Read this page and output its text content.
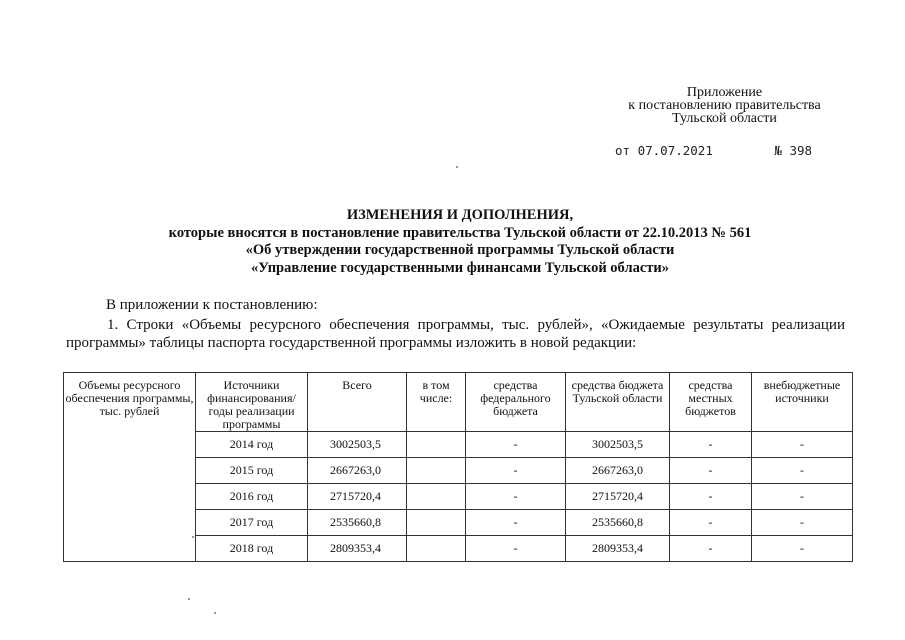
Приложение
к постановлению правительства
Тульской области
от 07.07.2021	№ 398
ИЗМЕНЕНИЯ И ДОПОЛНЕНИЯ,
которые вносятся в постановление правительства Тульской области от 22.10.2013 № 561
«Об утверждении государственной программы Тульской области
«Управление государственными финансами Тульской области»
В приложении к постановлению:
1. Строки «Объемы ресурсного обеспечения программы, тыс. рублей», «Ожидаемые результаты реализации программы» таблицы паспорта государственной программы изложить в новой редакции:
Объемы ресурсного обеспечения программы, тыс. рублей	Источники финансирования/ годы реализации программы	Всего	в том числе:	средства федерального бюджета	средства бюджета Тульской области	средства местных бюджетов	внебюджетные источники
	2014 год	3002503,5		-	3002503,5	-	-
	2015 год	2667263,0		-	2667263,0	-	-
	2016 год	2715720,4		-	2715720,4	-	-
	2017 год	2535660,8		-	2535660,8	-	-
	2018 год	2809353,4		-	2809353,4	-	-
